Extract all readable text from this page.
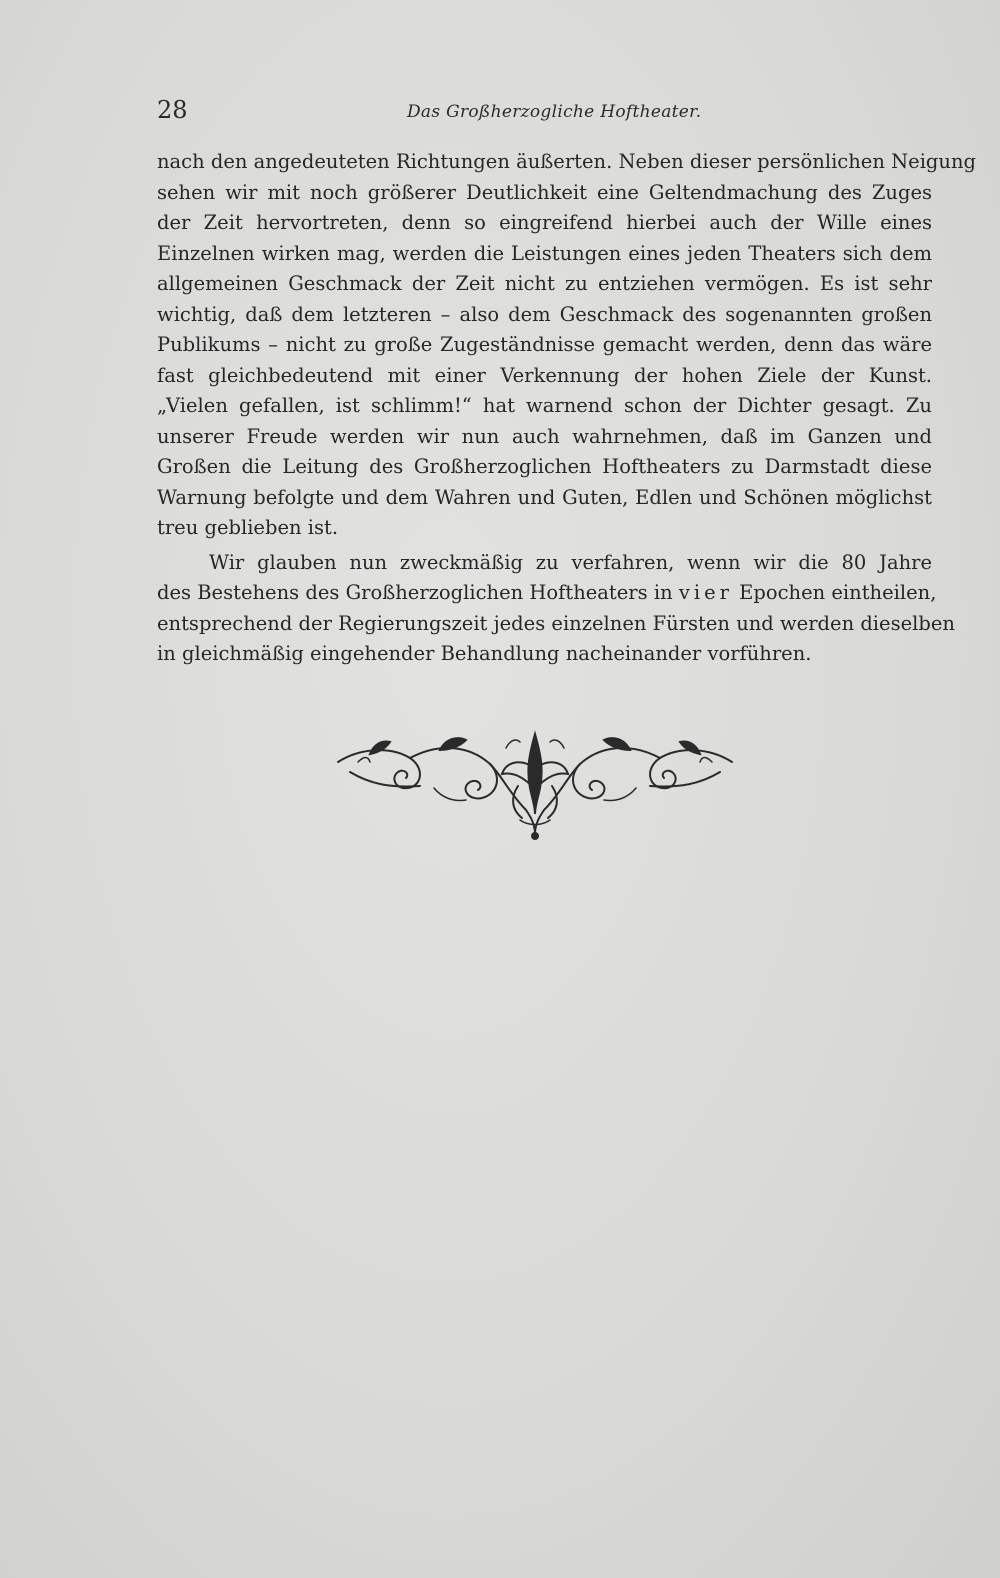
28	Das Großherzogliche Hoftheater.
nach den angedeuteten Richtungen äußerten. Neben dieser persönlichen Neigung
sehen wir mit noch größerer Deutlichkeit eine Geltendmachung des Zuges
der Zeit hervortreten, denn so eingreifend hierbei auch der Wille eines
Einzelnen wirken mag, werden die Leistungen eines jeden Theaters sich dem
allgemeinen Geschmack der Zeit nicht zu entziehen vermögen. Es ist sehr
wichtig, daß dem letzteren – also dem Geschmack des sogenannten großen
Publikums – nicht zu große Zugeständnisse gemacht werden, denn das wäre
fast gleichbedeutend mit einer Verkennung der hohen Ziele der Kunst.
„Vielen gefallen, ist schlimm!“ hat warnend schon der Dichter gesagt. Zu
unserer Freude werden wir nun auch wahrnehmen, daß im Ganzen und
Großen die Leitung des Großherzoglichen Hoftheaters zu Darmstadt diese
Warnung befolgte und dem Wahren und Guten, Edlen und Schönen möglichst
treu geblieben ist.
Wir glauben nun zweckmäßig zu verfahren, wenn wir die 80 Jahre
des Bestehens des Großherzoglichen Hoftheaters in vier Epochen eintheilen,
entsprechend der Regierungszeit jedes einzelnen Fürsten und werden dieselben
in gleichmäßig eingehender Behandlung nacheinander vorführen.
